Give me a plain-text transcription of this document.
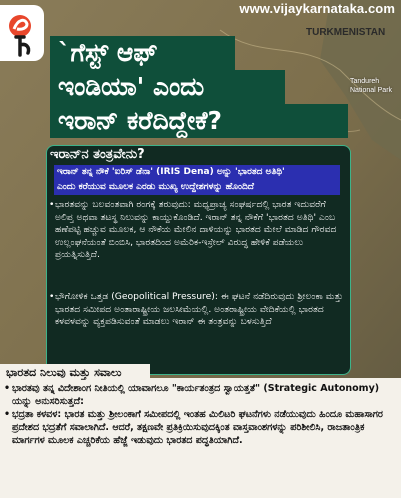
www.vijaykarnataka.com
TURKMENISTAN
Tandureh
National Park
`ಗೆಸ್ಟ್ ಆಫ್
ಇಂಡಿಯಾ' ಎಂದು
ಇರಾನ್ ಕರೆದಿದ್ದೇಕೆ?
ಇರಾನ್‌ನ ತಂತ್ರವೇನು?
ಇರಾನ್ ತನ್ನ ನೌಕೆ 'ಐರಿಸ್ ಡೆನಾ' (IRIS Dena) ಅನ್ನು 'ಭಾರತದ ಅತಿಥಿ'
ಎಂದು ಕರೆಯುವ ಮೂಲಕ ಎರಡು ಮುಖ್ಯ ಉದ್ದೇಶಗಳನ್ನು ಹೊಂದಿದೆ
• ಭಾರತವನ್ನು ಬಲವಂತವಾಗಿ ರಂಗಕ್ಕೆ ತರುವುದು: ಮಧ್ಯಪ್ರಾಚ್ಯ ಸಂಘರ್ಷದಲ್ಲಿ ಭಾರತ ಇದುವರೆಗೆ ಅಲಿಪ್ತ ಅಥವಾ ತಟಸ್ಥ ನಿಲುವನ್ನು ಕಾಯ್ದುಕೊಂಡಿದೆ. ಇರಾನ್ ತನ್ನ ನೌಕೆಗೆ 'ಭಾರತದ ಅತಿಥಿ' ಎಂಬ ಹಣೆಪಟ್ಟಿ ಹಚ್ಚುವ ಮೂಲಕ, ಆ ನೌಕೆಯ ಮೇಲಿನ ದಾಳಿಯನ್ನು ಭಾರತದ ಮೇಲೆ ಮಾಡಿದ ಗೌರವದ ಉಲ್ಲಂಘನೆಯಂತೆ ಬಿಂಬಿಸಿ, ಭಾರತದಿಂದ ಅಮೆರಿಕ-ಇಸ್ರೇಲ್ ವಿರುದ್ಧ ಹೇಳಿಕೆ ಪಡೆಯಲು ಪ್ರಯತ್ನಿಸುತ್ತಿದೆ.
• ಭೌಗೋಳಿಕ ಒತ್ತಡ (Geopolitical Pressure): ಈ ಘಟನೆ ನಡೆದಿರುವುದು ಶ್ರೀಲಂಕಾ ಮತ್ತು ಭಾರತದ ಸಮೀಪದ ಅಂತಾರಾಷ್ಟ್ರೀಯ ಜಲಸೀಮೆಯಲ್ಲಿ. ಅಂತರಾಷ್ಟ್ರೀಯ ವೇದಿಕೆಯಲ್ಲಿ ಭಾರತದ ಕಳವಳವನ್ನು ವ್ಯಕ್ತಪಡಿಸುವಂತೆ ಮಾಡಲು ಇರಾನ್ ಈ ತಂತ್ರವನ್ನು ಬಳಸುತ್ತಿದೆ
• ಭಾರತವು ತನ್ನ ವಿದೇಶಾಂಗ ನೀತಿಯಲ್ಲಿ ಯಾವಾಗಲೂ "ಕಾರ್ಯತಂತ್ರದ ಸ್ವಾಯತ್ತತೆ" (Strategic Autonomy) ಯನ್ನು ಅನುಸರಿಸುತ್ತದೆ:
• ಭದ್ರತಾ ಕಳವಳ: ಭಾರತ ಮತ್ತು ಶ್ರೀಲಂಕಾಗೆ ಸಮೀಪದಲ್ಲಿ ಇಂತಹ ಮಿಲಿಟರಿ ಘಟನೆಗಳು ನಡೆಯುವುದು ಹಿಂದೂ ಮಹಾಸಾಗರ ಪ್ರದೇಶದ ಭದ್ರತೆಗೆ ಸವಾಲಾಗಿದೆ. ಆದರೆ, ತಕ್ಷಣವೇ ಪ್ರತಿಕ್ರಿಯಿಸುವುದಕ್ಕಿಂತ ವಾಸ್ತವಾಂಶಗಳನ್ನು ಪರಿಶೀಲಿಸಿ, ರಾಜತಾಂತ್ರಿಕ ಮಾರ್ಗಗಳ ಮೂಲಕ ಎಚ್ಚರಿಕೆಯ ಹೆಜ್ಜೆ ಇಡುವುದು ಭಾರತದ ಪದ್ಧತಿಯಾಗಿದೆ.
ಭಾರತದ ನಿಲುವು ಮತ್ತು ಸವಾಲು
